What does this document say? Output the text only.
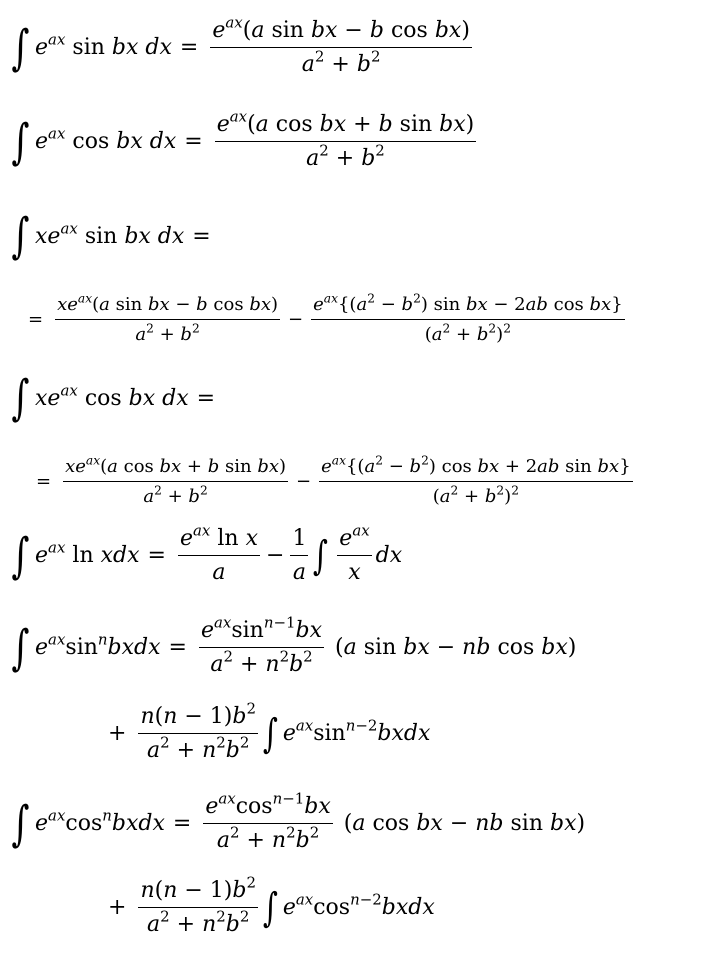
∫ $e^{ax}$
sin
bx dx = $\frac{e^{ax}(a \sin bx - b \cos bx)}{a^2 + b^2}$
∫ $e^{ax}$
cos
bx dx = $\frac{e^{ax}(a \cos bx + b \sin bx)}{a^2 + b^2}$
∫ $xe^{ax}$
sin
bx dx =
= $\frac{xe^{ax}(a \sin bx - b \cos bx)}{a^2 + b^2} - \frac{e^{ax}\{(a^2 - b^2) \sin bx - 2ab \cos bx\}}{(a^2 + b^2)^2}$
∫ $xe^{ax}$
cos
bx dx =
= $\frac{xe^{ax}(a \cos bx + b \sin bx)}{a^2 + b^2} - \frac{e^{ax}\{(a^2 - b^2) \cos bx + 2ab \sin bx\}}{(a^2 + b^2)^2}$
∫ $e^{ax}$
ln
xdx = $\frac{e^{ax} \ln x}{a} - \frac{1}{a}$ ∫ $\frac{e^{ax}}{x}$ dx
∫ $e^{ax}$ $\sin^n$ bxdx = $\frac{e^{ax}\sin^{n-1}bx}{a^2 + n^2b^2}$ ( a
sin
bx − nb
cos
bx )
+ $\frac{n(n - 1)b^2}{a^2 + n^2b^2}$ ∫ $e^{ax}$ $\sin^{n-2}$ bxdx
∫ $e^{ax}$ $\cos^n$ bxdx = $\frac{e^{ax}\cos^{n-1}bx}{a^2 + n^2b^2}$ ( a
cos
bx − nb
sin
bx )
+ $\frac{n(n - 1)b^2}{a^2 + n^2b^2}$ ∫ $e^{ax}$ $\cos^{n-2}$ bxdx
